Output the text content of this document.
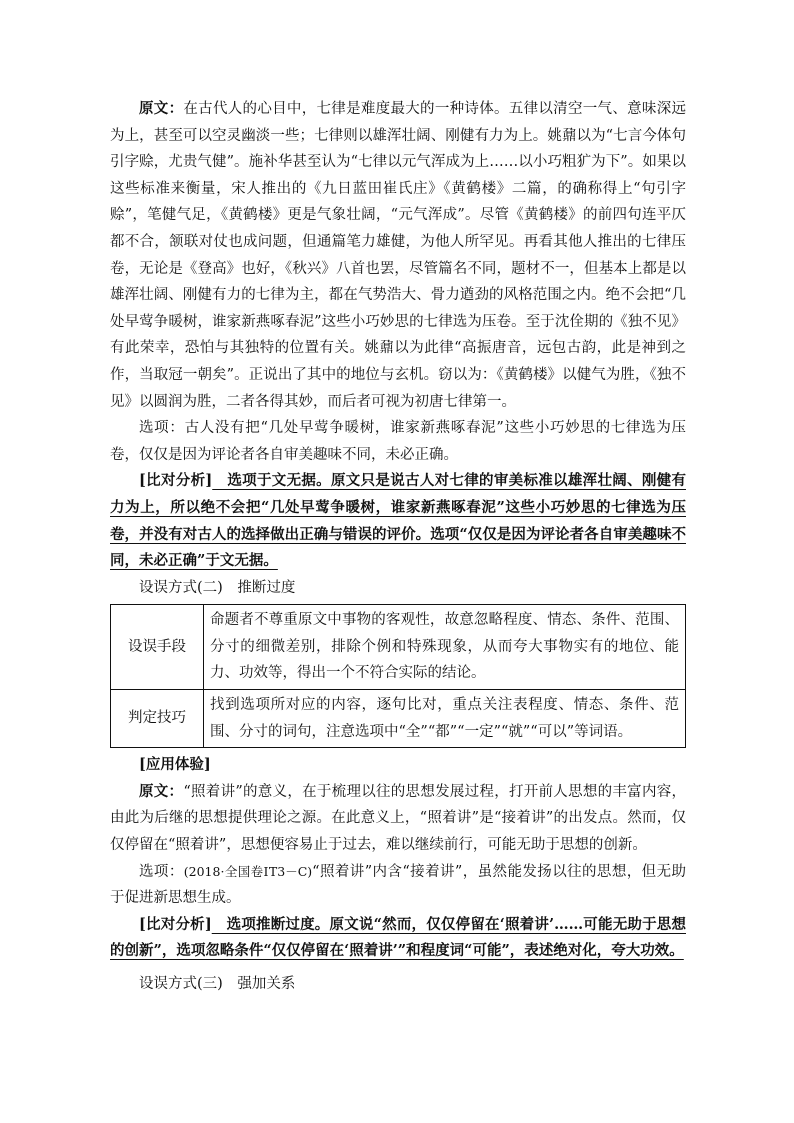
原文：在古代人的心目中，七律是难度最大的一种诗体。五律以清空一气、意味深远为上，甚至可以空灵幽淡一些；七律则以雄浑壮阔、刚健有力为上。姚鼐以为“七言今体句引字赊，尤贵气健”。施补华甚至认为“七律以元气浑成为上……以小巧粗犷为下”。如果以这些标准来衡量，宋人推出的《九日蓝田崔氏庄》《黄鹤楼》二篇，的确称得上“句引字赊”，笔健气足，《黄鹤楼》更是气象壮阔，“元气浑成”。尽管《黄鹤楼》的前四句连平仄都不合，颔联对仗也成问题，但通篇笔力雄健，为他人所罕见。再看其他人推出的七律压卷，无论是《登高》也好，《秋兴》八首也罢，尽管篇名不同，题材不一，但基本上都是以雄浑壮阔、刚健有力的七律为主，都在气势浩大、骨力遒劲的风格范围之内。绝不会把“几处早莺争暖树，谁家新燕啄春泥”这些小巧妙思的七律选为压卷。至于沈佺期的《独不见》有此荣幸，恐怕与其独特的位置有关。姚鼐以为此律“高振唐音，远包古韵，此是神到之作，当取冠一朝矣”。正说出了其中的地位与玄机。窃以为：《黄鹤楼》以健气为胜，《独不见》以圆润为胜，二者各得其妙，而后者可视为初唐七律第一。

选项：古人没有把“几处早莺争暖树，谁家新燕啄春泥”这些小巧妙思的七律选为压卷，仅仅是因为评论者各自审美趣味不同，未必正确。

[比对分析]　选项于文无据。原文只是说古人对七律的审美标准以雄浑壮阔、刚健有力为上，所以绝不会把“几处早莺争暖树，谁家新燕啄春泥”这些小巧妙思的七律选为压卷，并没有对古人的选择做出正确与错误的评价。选项“仅仅是因为评论者各自审美趣味不同，未必正确”于文无据。

设误方式(二)　推断过度

设误手段	命题者不尊重原文中事物的客观性，故意忽略程度、情态、条件、范围、分寸的细微差别，排除个例和特殊现象，从而夸大事物实有的地位、能力、功效等，得出一个不符合实际的结论。
判定技巧	找到选项所对应的内容，逐句比对，重点关注表程度、情态、条件、范围、分寸的词句，注意选项中“全”“都”“一定”“就”“可以”等词语。

[应用体验]

原文：“照着讲”的意义，在于梳理以往的思想发展过程，打开前人思想的丰富内容，由此为后继的思想提供理论之源。在此意义上，“照着讲”是“接着讲”的出发点。然而，仅仅停留在“照着讲”，思想便容易止于过去，难以继续前行，可能无助于思想的创新。

选项：(2018·全国卷ⅠT3－C)“照着讲”内含“接着讲”，虽然能发扬以往的思想，但无助于促进新思想生成。

[比对分析]　选项推断过度。原文说“然而，仅仅停留在‘照着讲’……可能无助于思想的创新”，选项忽略条件“仅仅停留在‘照着讲’”和程度词“可能”，表述绝对化，夸大功效。

设误方式(三)　强加关系
